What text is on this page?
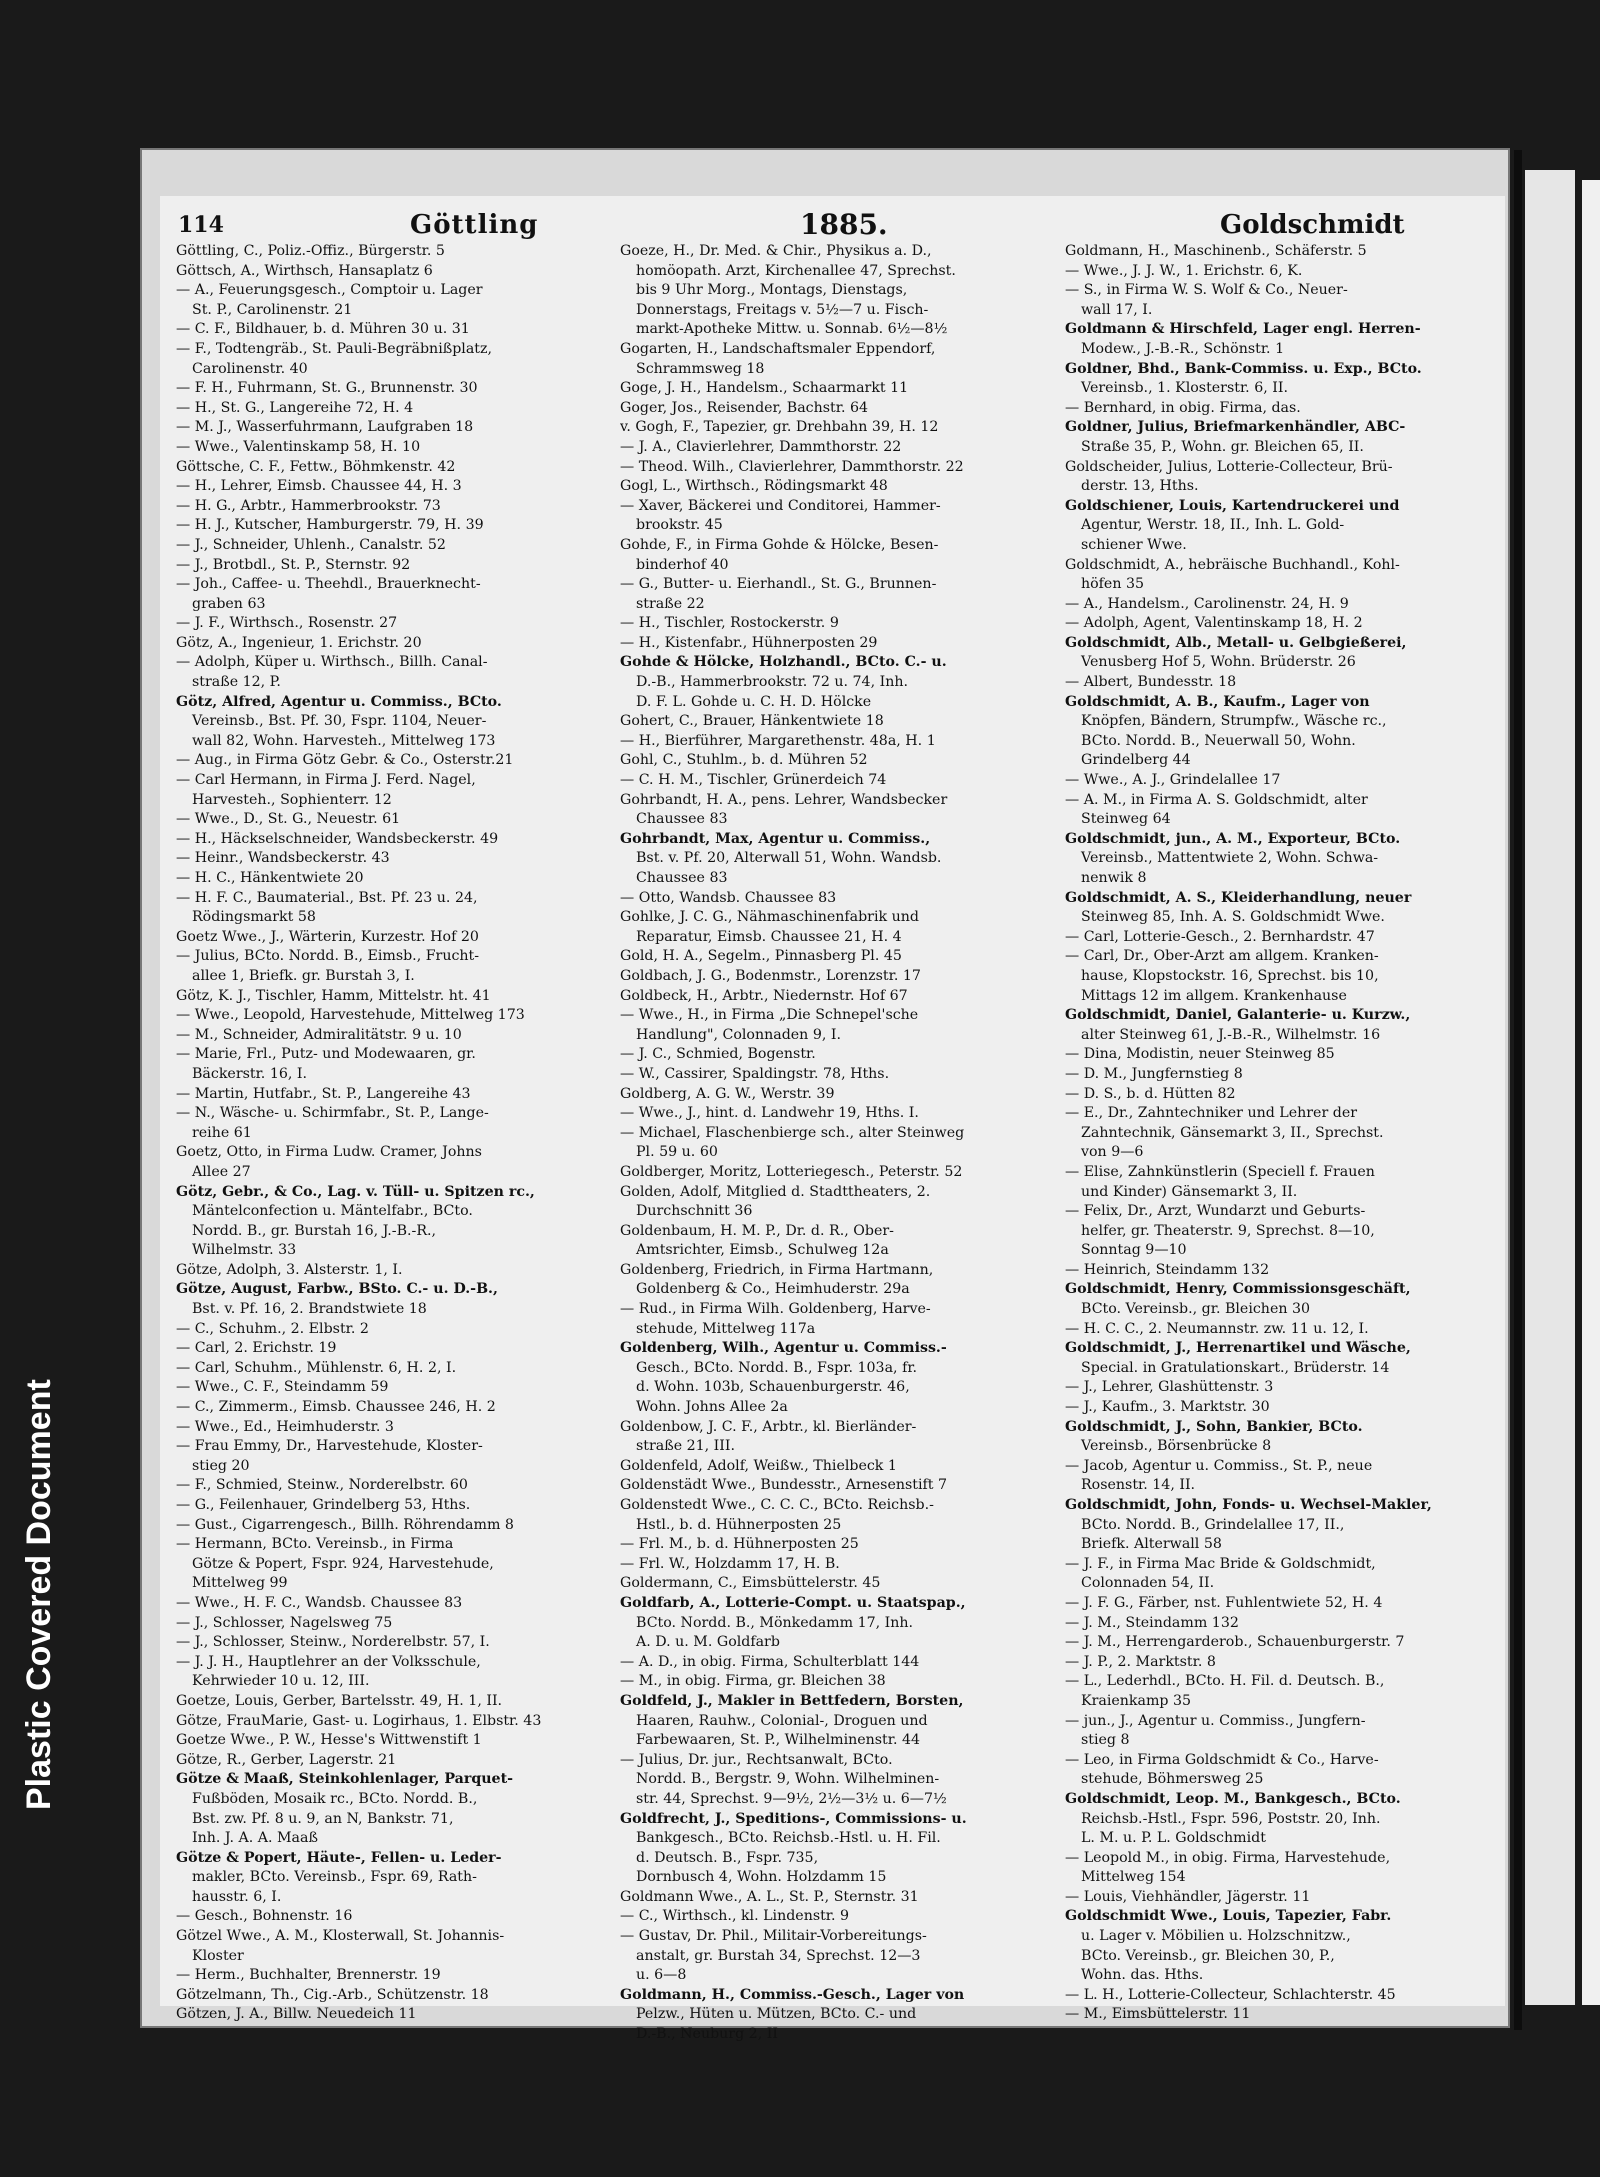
Plastic Covered Document
114	Göttling	1885.	Goldschmidt
Göttling, C., Poliz.-Offiz., Bürgerstr. 5
Göttsch, A., Wirthsch, Hansaplatz 6
— A., Feuerungsgesch., Comptoir u. Lager
St. P., Carolinenstr. 21
— C. F., Bildhauer, b. d. Mühren 30 u. 31
— F., Todtengräb., St. Pauli-Begräbnißplatz,
Carolinenstr. 40
— F. H., Fuhrmann, St. G., Brunnenstr. 30
— H., St. G., Langereihe 72, H. 4
— M. J., Wasserfuhrmann, Laufgraben 18
— Wwe., Valentinskamp 58, H. 10
Göttsche, C. F., Fettw., Böhmkenstr. 42
— H., Lehrer, Eimsb. Chaussee 44, H. 3
— H. G., Arbtr., Hammerbrookstr. 73
— H. J., Kutscher, Hamburgerstr. 79, H. 39
— J., Schneider, Uhlenh., Canalstr. 52
— J., Brotbdl., St. P., Sternstr. 92
— Joh., Caffee- u. Theehdl., Brauerknecht-
graben 63
— J. F., Wirthsch., Rosenstr. 27
Götz, A., Ingenieur, 1. Erichstr. 20
— Adolph, Küper u. Wirthsch., Billh. Canal-
straße 12, P.
Götz, Alfred, Agentur u. Commiss., BCto.
Vereinsb., Bst. Pf. 30, Fspr. 1104, Neuer-
wall 82, Wohn. Harvesteh., Mittelweg 173
— Aug., in Firma Götz Gebr. & Co., Osterstr.21
— Carl Hermann, in Firma J. Ferd. Nagel,
Harvesteh., Sophienterr. 12
— Wwe., D., St. G., Neuestr. 61
— H., Häckselschneider, Wandsbeckerstr. 49
— Heinr., Wandsbeckerstr. 43
— H. C., Hänkentwiete 20
— H. F. C., Baumaterial., Bst. Pf. 23 u. 24,
Rödingsmarkt 58
Goetz Wwe., J., Wärterin, Kurzestr. Hof 20
— Julius, BCto. Nordd. B., Eimsb., Frucht-
allee 1, Briefk. gr. Burstah 3, I.
Götz, K. J., Tischler, Hamm, Mittelstr. ht. 41
— Wwe., Leopold, Harvestehude, Mittelweg 173
— M., Schneider, Admiralitätstr. 9 u. 10
— Marie, Frl., Putz- und Modewaaren, gr.
Bäckerstr. 16, I.
— Martin, Hutfabr., St. P., Langereihe 43
— N., Wäsche- u. Schirmfabr., St. P., Lange-
reihe 61
Goetz, Otto, in Firma Ludw. Cramer, Johns
Allee 27
Götz, Gebr., & Co., Lag. v. Tüll- u. Spitzen rc.,
Mäntelconfection u. Mäntelfabr., BCto.
Nordd. B., gr. Burstah 16, J.-B.-R.,
Wilhelmstr. 33
Götze, Adolph, 3. Alsterstr. 1, I.
Götze, August, Farbw., BSto. C.- u. D.-B.,
Bst. v. Pf. 16, 2. Brandstwiete 18
— C., Schuhm., 2. Elbstr. 2
— Carl, 2. Erichstr. 19
— Carl, Schuhm., Mühlenstr. 6, H. 2, I.
— Wwe., C. F., Steindamm 59
— C., Zimmerm., Eimsb. Chaussee 246, H. 2
— Wwe., Ed., Heimhuderstr. 3
— Frau Emmy, Dr., Harvestehude, Kloster-
stieg 20
— F., Schmied, Steinw., Norderelbstr. 60
— G., Feilenhauer, Grindelberg 53, Hths.
— Gust., Cigarrengesch., Billh. Röhrendamm 8
— Hermann, BCto. Vereinsb., in Firma
Götze & Popert, Fspr. 924, Harvestehude,
Mittelweg 99
— Wwe., H. F. C., Wandsb. Chaussee 83
— J., Schlosser, Nagelsweg 75
— J., Schlosser, Steinw., Norderelbstr. 57, I.
— J. J. H., Hauptlehrer an der Volksschule,
Kehrwieder 10 u. 12, III.
Goetze, Louis, Gerber, Bartelsstr. 49, H. 1, II.
Götze, FrauMarie, Gast- u. Logirhaus, 1. Elbstr. 43
Goetze Wwe., P. W., Hesse's Wittwenstift 1
Götze, R., Gerber, Lagerstr. 21
Götze & Maaß, Steinkohlenlager, Parquet-
Fußböden, Mosaik rc., BCto. Nordd. B.,
Bst. zw. Pf. 8 u. 9, an N, Bankstr. 71,
Inh. J. A. A. Maaß
Götze & Popert, Häute-, Fellen- u. Leder-
makler, BCto. Vereinsb., Fspr. 69, Rath-
hausstr. 6, I.
— Gesch., Bohnenstr. 16
Götzel Wwe., A. M., Klosterwall, St. Johannis-
Kloster
— Herm., Buchhalter, Brennerstr. 19
Götzelmann, Th., Cig.-Arb., Schützenstr. 18
Götzen, J. A., Billw. Neuedeich 11
Goeze, H., Dr. Med. & Chir., Physikus a. D.,
homöopath. Arzt, Kirchenallee 47, Sprechst.
bis 9 Uhr Morg., Montags, Dienstags,
Donnerstags, Freitags v. 5½—7 u. Fisch-
markt-Apotheke Mittw. u. Sonnab. 6½—8½
Gogarten, H., Landschaftsmaler Eppendorf,
Schrammsweg 18
Goge, J. H., Handelsm., Schaarmarkt 11
Goger, Jos., Reisender, Bachstr. 64
v. Gogh, F., Tapezier, gr. Drehbahn 39, H. 12
— J. A., Clavierlehrer, Dammthorstr. 22
— Theod. Wilh., Clavierlehrer, Dammthorstr. 22
Gogl, L., Wirthsch., Rödingsmarkt 48
— Xaver, Bäckerei und Conditorei, Hammer-
brookstr. 45
Gohde, F., in Firma Gohde & Hölcke, Besen-
binderhof 40
— G., Butter- u. Eierhandl., St. G., Brunnen-
straße 22
— H., Tischler, Rostockerstr. 9
— H., Kistenfabr., Hühnerposten 29
Gohde & Hölcke, Holzhandl., BCto. C.- u.
D.-B., Hammerbrookstr. 72 u. 74, Inh.
D. F. L. Gohde u. C. H. D. Hölcke
Gohert, C., Brauer, Hänkentwiete 18
— H., Bierführer, Margarethenstr. 48a, H. 1
Gohl, C., Stuhlm., b. d. Mühren 52
— C. H. M., Tischler, Grünerdeich 74
Gohrbandt, H. A., pens. Lehrer, Wandsbecker
Chaussee 83
Gohrbandt, Max, Agentur u. Commiss.,
Bst. v. Pf. 20, Alterwall 51, Wohn. Wandsb.
Chaussee 83
— Otto, Wandsb. Chaussee 83
Gohlke, J. C. G., Nähmaschinenfabrik und
Reparatur, Eimsb. Chaussee 21, H. 4
Gold, H. A., Segelm., Pinnasberg Pl. 45
Goldbach, J. G., Bodenmstr., Lorenzstr. 17
Goldbeck, H., Arbtr., Niedernstr. Hof 67
— Wwe., H., in Firma „Die Schnepel'sche
Handlung", Colonnaden 9, I.
— J. C., Schmied, Bogenstr.
— W., Cassirer, Spaldingstr. 78, Hths.
Goldberg, A. G. W., Werstr. 39
— Wwe., J., hint. d. Landwehr 19, Hths. I.
— Michael, Flaschenbierge sch., alter Steinweg
Pl. 59 u. 60
Goldberger, Moritz, Lotteriegesch., Peterstr. 52
Golden, Adolf, Mitglied d. Stadttheaters, 2.
Durchschnitt 36
Goldenbaum, H. M. P., Dr. d. R., Ober-
Amtsrichter, Eimsb., Schulweg 12a
Goldenberg, Friedrich, in Firma Hartmann,
Goldenberg & Co., Heimhuderstr. 29a
— Rud., in Firma Wilh. Goldenberg, Harve-
stehude, Mittelweg 117a
Goldenberg, Wilh., Agentur u. Commiss.-
Gesch., BCto. Nordd. B., Fspr. 103a, fr.
d. Wohn. 103b, Schauenburgerstr. 46,
Wohn. Johns Allee 2a
Goldenbow, J. C. F., Arbtr., kl. Bierländer-
straße 21, III.
Goldenfeld, Adolf, Weißw., Thielbeck 1
Goldenstädt Wwe., Bundesstr., Arnesenstift 7
Goldenstedt Wwe., C. C. C., BCto. Reichsb.-
Hstl., b. d. Hühnerposten 25
— Frl. M., b. d. Hühnerposten 25
— Frl. W., Holzdamm 17, H. B.
Goldermann, C., Eimsbüttelerstr. 45
Goldfarb, A., Lotterie-Compt. u. Staatspap.,
BCto. Nordd. B., Mönkedamm 17, Inh.
A. D. u. M. Goldfarb
— A. D., in obig. Firma, Schulterblatt 144
— M., in obig. Firma, gr. Bleichen 38
Goldfeld, J., Makler in Bettfedern, Borsten,
Haaren, Rauhw., Colonial-, Droguen und
Farbewaaren, St. P., Wilhelminenstr. 44
— Julius, Dr. jur., Rechtsanwalt, BCto.
Nordd. B., Bergstr. 9, Wohn. Wilhelminen-
str. 44, Sprechst. 9—9½, 2½—3½ u. 6—7½
Goldfrecht, J., Speditions-, Commissions- u.
Bankgesch., BCto. Reichsb.-Hstl. u. H. Fil.
d. Deutsch. B., Fspr. 735,
Dornbusch 4, Wohn. Holzdamm 15
Goldmann Wwe., A. L., St. P., Sternstr. 31
— C., Wirthsch., kl. Lindenstr. 9
— Gustav, Dr. Phil., Militair-Vorbereitungs-
anstalt, gr. Burstah 34, Sprechst. 12—3
u. 6—8
Goldmann, H., Commiss.-Gesch., Lager von
Pelzw., Hüten u. Mützen, BCto. C.- und
D.-B., Neuburg 2, II
Goldmann, H., Maschinenb., Schäferstr. 5
— Wwe., J. J. W., 1. Erichstr. 6, K.
— S., in Firma W. S. Wolf & Co., Neuer-
wall 17, I.
Goldmann & Hirschfeld, Lager engl. Herren-
Modew., J.-B.-R., Schönstr. 1
Goldner, Bhd., Bank-Commiss. u. Exp., BCto.
Vereinsb., 1. Klosterstr. 6, II.
— Bernhard, in obig. Firma, das.
Goldner, Julius, Briefmarkenhändler, ABC-
Straße 35, P., Wohn. gr. Bleichen 65, II.
Goldscheider, Julius, Lotterie-Collecteur, Brü-
derstr. 13, Hths.
Goldschiener, Louis, Kartendruckerei und
Agentur, Werstr. 18, II., Inh. L. Gold-
schiener Wwe.
Goldschmidt, A., hebräische Buchhandl., Kohl-
höfen 35
— A., Handelsm., Carolinenstr. 24, H. 9
— Adolph, Agent, Valentinskamp 18, H. 2
Goldschmidt, Alb., Metall- u. Gelbgießerei,
Venusberg Hof 5, Wohn. Brüderstr. 26
— Albert, Bundesstr. 18
Goldschmidt, A. B., Kaufm., Lager von
Knöpfen, Bändern, Strumpfw., Wäsche rc.,
BCto. Nordd. B., Neuerwall 50, Wohn.
Grindelberg 44
— Wwe., A. J., Grindelallee 17
— A. M., in Firma A. S. Goldschmidt, alter
Steinweg 64
Goldschmidt, jun., A. M., Exporteur, BCto.
Vereinsb., Mattentwiete 2, Wohn. Schwa-
nenwik 8
Goldschmidt, A. S., Kleiderhandlung, neuer
Steinweg 85, Inh. A. S. Goldschmidt Wwe.
— Carl, Lotterie-Gesch., 2. Bernhardstr. 47
— Carl, Dr., Ober-Arzt am allgem. Kranken-
hause, Klopstockstr. 16, Sprechst. bis 10,
Mittags 12 im allgem. Krankenhause
Goldschmidt, Daniel, Galanterie- u. Kurzw.,
alter Steinweg 61, J.-B.-R., Wilhelmstr. 16
— Dina, Modistin, neuer Steinweg 85
— D. M., Jungfernstieg 8
— D. S., b. d. Hütten 82
— E., Dr., Zahntechniker und Lehrer der
Zahntechnik, Gänsemarkt 3, II., Sprechst.
von 9—6
— Elise, Zahnkünstlerin (Speciell f. Frauen
und Kinder) Gänsemarkt 3, II.
— Felix, Dr., Arzt, Wundarzt und Geburts-
helfer, gr. Theaterstr. 9, Sprechst. 8—10,
Sonntag 9—10
— Heinrich, Steindamm 132
Goldschmidt, Henry, Commissionsgeschäft,
BCto. Vereinsb., gr. Bleichen 30
— H. C. C., 2. Neumannstr. zw. 11 u. 12, I.
Goldschmidt, J., Herrenartikel und Wäsche,
Special. in Gratulationskart., Brüderstr. 14
— J., Lehrer, Glashüttenstr. 3
— J., Kaufm., 3. Marktstr. 30
Goldschmidt, J., Sohn, Bankier, BCto.
Vereinsb., Börsenbrücke 8
— Jacob, Agentur u. Commiss., St. P., neue
Rosenstr. 14, II.
Goldschmidt, John, Fonds- u. Wechsel-Makler,
BCto. Nordd. B., Grindelallee 17, II.,
Briefk. Alterwall 58
— J. F., in Firma Mac Bride & Goldschmidt,
Colonnaden 54, II.
— J. F. G., Färber, nst. Fuhlentwiete 52, H. 4
— J. M., Steindamm 132
— J. M., Herrengarderob., Schauenburgerstr. 7
— J. P., 2. Marktstr. 8
— L., Lederhdl., BCto. H. Fil. d. Deutsch. B.,
Kraienkamp 35
— jun., J., Agentur u. Commiss., Jungfern-
stieg 8
— Leo, in Firma Goldschmidt & Co., Harve-
stehude, Böhmersweg 25
Goldschmidt, Leop. M., Bankgesch., BCto.
Reichsb.-Hstl., Fspr. 596, Poststr. 20, Inh.
L. M. u. P. L. Goldschmidt
— Leopold M., in obig. Firma, Harvestehude,
Mittelweg 154
— Louis, Viehhändler, Jägerstr. 11
Goldschmidt Wwe., Louis, Tapezier, Fabr.
u. Lager v. Möbilien u. Holzschnitzw.,
BCto. Vereinsb., gr. Bleichen 30, P.,
Wohn. das. Hths.
— L. H., Lotterie-Collecteur, Schlachterstr. 45
— M., Eimsbüttelerstr. 11
